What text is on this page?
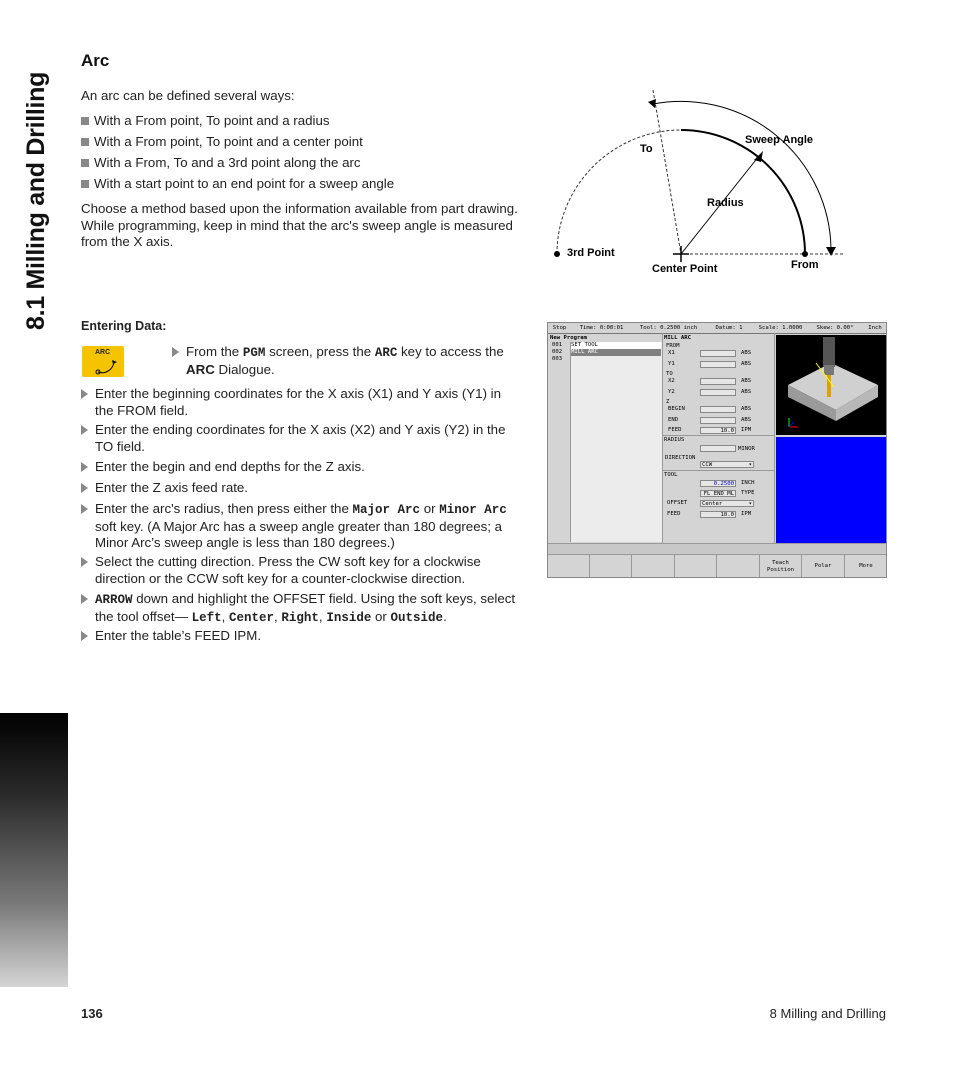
8.1 Milling and Drilling
Arc
An arc can be defined several ways:
With a From point, To point and a radius
With a From point, To point and a center point
With a From, To and a 3rd point along the arc
With a start point to an end point for a sweep angle
Choose a method based upon the information available from part drawing. While programming, keep in mind that the arc's sweep angle is measured from the X axis.
To
Sweep Angle
Radius
3rd Point
Center Point	From
Entering Data:
ARC	From the PGM screen, press the ARC key to access the ARC Dialogue.
Enter the beginning coordinates for the X axis (X1) and Y axis (Y1) in the FROM field.
Enter the ending coordinates for the X axis (X2) and Y axis (Y2) in the TO field.
Enter the begin and end depths for the Z axis.
Enter the Z axis feed rate.
Enter the arc's radius, then press either the Major Arc or Minor Arc soft key. (A Major Arc has a sweep angle greater than 180 degrees; a Minor Arc’s sweep angle is less than 180 degrees.)
Select the cutting direction. Press the CW soft key for a clockwise direction or the CCW soft key for a counter-clockwise direction.
ARROW down and highlight the OFFSET field. Using the soft keys, select the tool offset— Left, Center, Right, Inside or Outside.
Enter the table’s FEED IPM.
Stop	Time: 0:00:01	Tool: 0.2500 inch	Datum: 1	Scale: 1.0000	Skew: 0.00°	Inch
New Program
001 SET TOOL
002 MILL ARC
003
MILL ARC
FROM
X1	ABS
Y1	ABS
TO
X2	ABS
Y2	ABS
Z
BEGIN	ABS
END	ABS
FEED	10.0	IPM
RADIUS
MINOR
DIRECTION
CCW	▾
TOOL
0.2500	INCH
FL END ML	TYPE
OFFSET	Center	▾
FEED	10.0	IPM
Teach
Position
Polar	More
136	8 Milling and Drilling
